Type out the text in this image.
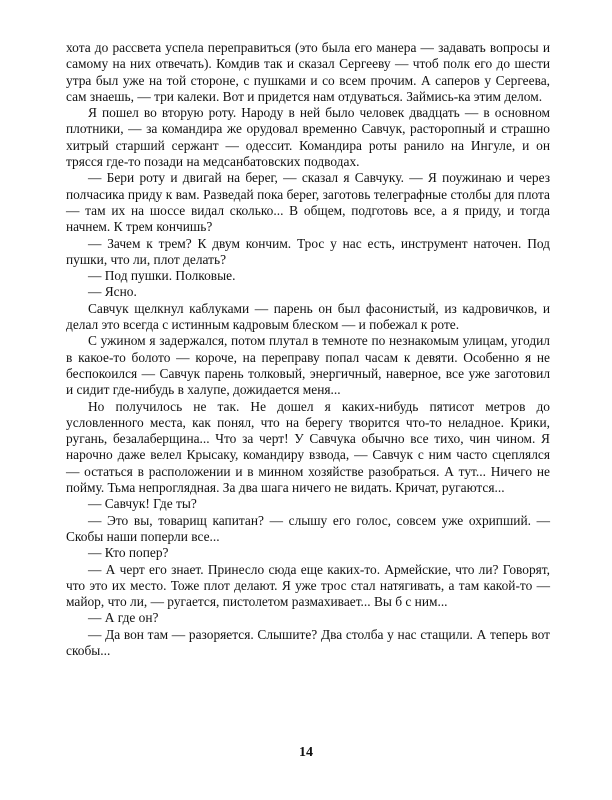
хота до рассвета успела переправиться (это была его манера — задавать вопросы и самому на них отвечать). Комдив так и сказал Сергееву — чтоб полк его до шести утра был уже на той стороне, с пушками и со всем прочим. А саперов у Сергеева, сам знаешь, — три калеки. Вот и придется нам отдуваться. Займись-ка этим делом.

Я пошел во вторую роту. Народу в ней было человек двадцать — в основном плотники, — за командира же орудовал временно Савчук, расторопный и страшно хитрый старший сержант — одессит. Командира роты ранило на Ингуле, и он трясся где-то позади на медсанбатовских подводах.

— Бери роту и двигай на берег, — сказал я Савчуку. — Я поужинаю и через полчасика приду к вам. Разведай пока берег, заготовь телеграфные столбы для плота — там их на шоссе видал сколько... В общем, подготовь все, а я приду, и тогда начнем. К трем кончишь?

— Зачем к трем? К двум кончим. Трос у нас есть, инструмент наточен. Под пушки, что ли, плот делать?

— Под пушки. Полковые.

— Ясно.

Савчук щелкнул каблуками — парень он был фасонистый, из кадровичков, и делал это всегда с истинным кадровым блеском — и побежал к роте.

С ужином я задержался, потом плутал в темноте по незнакомым улицам, угодил в какое-то болото — короче, на переправу попал часам к девяти. Особенно я не беспокоился — Савчук парень толковый, энергичный, наверное, все уже заготовил и сидит где-нибудь в халупе, дожидается меня...

Но получилось не так. Не дошел я каких-нибудь пятисот метров до условленного места, как понял, что на берегу творится что-то неладное. Крики, ругань, безалаберщина... Что за черт! У Савчука обычно все тихо, чин чином. Я нарочно даже велел Крысаку, командиру взвода, — Савчук с ним часто сцеплялся — остаться в расположении и в минном хозяйстве разобраться. А тут... Ничего не пойму. Тьма непроглядная. За два шага ничего не видать. Кричат, ругаются...

— Савчук! Где ты?

— Это вы, товарищ капитан? — слышу его голос, совсем уже охрипший. — Скобы наши поперли все...

— Кто попер?

— А черт его знает. Принесло сюда еще каких-то. Армейские, что ли? Говорят, что это их место. Тоже плот делают. Я уже трос стал натягивать, а там какой-то — майор, что ли, — ругается, пистолетом размахивает... Вы б с ним...

— А где он?

— Да вон там — разоряется. Слышите? Два столба у нас стащили. А теперь вот скобы...

14
